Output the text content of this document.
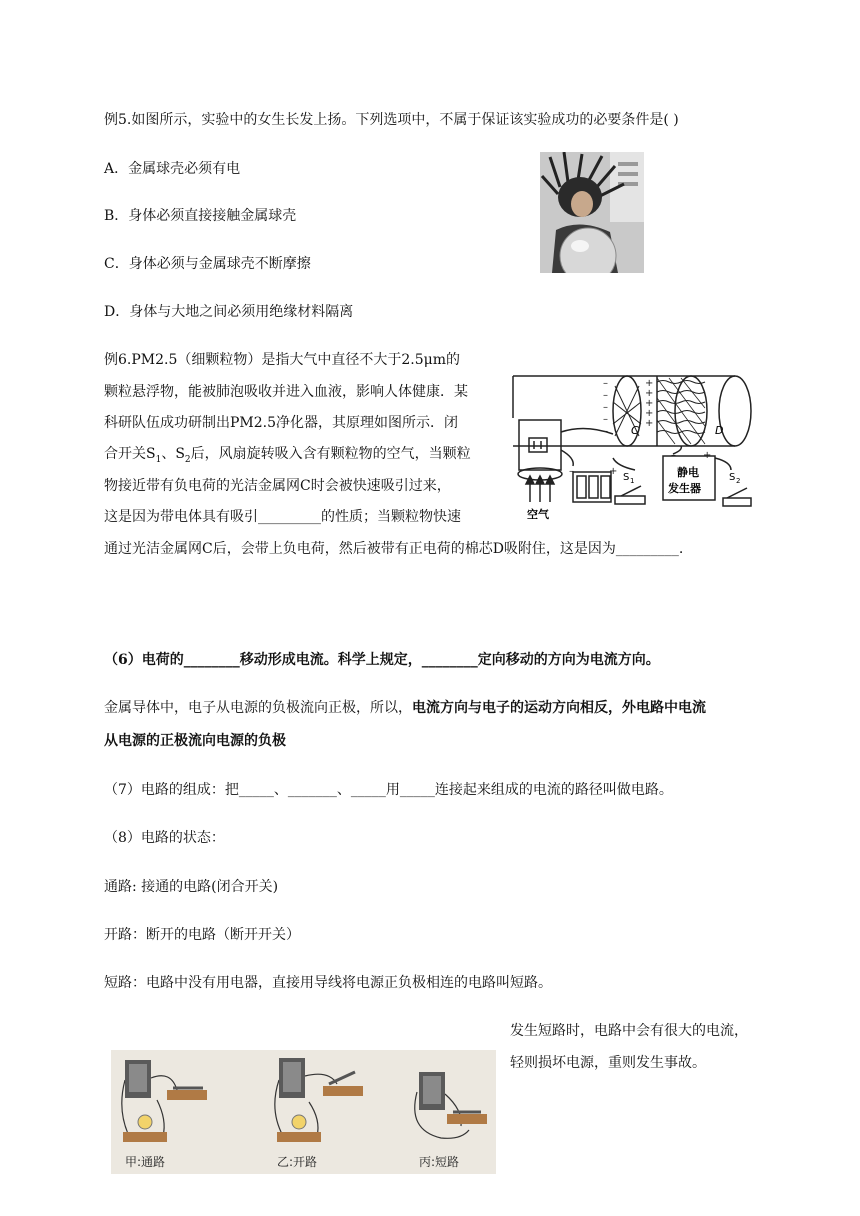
例5.如图所示，实验中的女生长发上扬。下列选项中，不属于保证该实验成功的必要条件是( )
A．金属球壳必须有电
B．身体必须直接接触金属球壳
C．身体必须与金属球壳不断摩擦
D．身体与大地之间必须用绝缘材料隔离
例6.PM2.5（细颗粒物）是指大气中直径不大于2.5μm的
颗粒悬浮物，能被肺泡吸收并进入血液，影响人体健康．某
科研队伍成功研制出PM2.5净化器，其原理如图所示．闭
合开关$S_1$、$S_2$后，风扇旋转吸入含有颗粒物的空气，当颗粒
物接近带有负电荷的光洁金属网C时会被快速吸引过来，
这是因为带电体具有吸引_________的性质；当颗粒物快速
通过光洁金属网C后，会带上负电荷，然后被带有正电荷的棉芯D吸附住，这是因为_________.
–
–
–
–
–
+
+
+
+
+
–	+
–	+
C	D
S 1	S 2
静电
发生器
空气
（6）电荷的________移动形成电流。科学上规定，________定向移动的方向为电流方向。
金属导体中，电子从电源的负极流向正极，所以，电流方向与电子的运动方向相反，外电路中电流
从电源的正极流向电源的负极
（7）电路的组成：把_____、_______、_____用_____连接起来组成的电流的路径叫做电路。
（8）电路的状态：
通路: 接通的电路(闭合开关)
开路：断开的电路（断开开关）
短路：电路中没有用电器，直接用导线将电源正负极相连的电路叫短路。
发生短路时，电路中会有很大的电流，
轻则损坏电源，重则发生事故。
甲:通路	乙:开路	丙:短路
